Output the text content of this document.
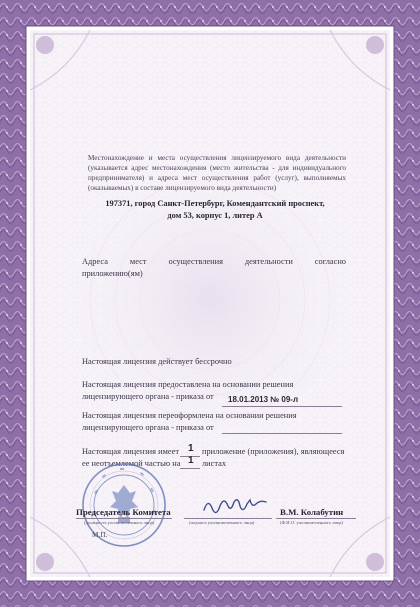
Местонахождение и места осуществления лицензируемого вида деятельности (указывается адрес местонахождения (место жительства - для индивидуального предпринимателя) и адреса мест осуществления работ (услуг), выполняемых (оказываемых) в составе лицензируемого вида деятельности)
197371, город Санкт-Петербург, Комендантский проспект,
дом 53, корпус 1, литер А
Адреса мест осуществления деятельности согласно
приложению(ям)
Настоящая лицензия действует бессрочно
Настоящая лицензия предоставлена на основании решения
лицензирующего органа - приказа от 18.01.2013 № 09-л
Настоящая лицензия переоформлена на основании решения
лицензирующего органа - приказа от
Настоящая лицензия имеет 1 приложение (приложения), являющееся
ее неотъемлемой частью на 1 листах
Председатель Комитета	В.М. Колабутин
(должность уполномоченного лица)	(подпись уполномоченного лица)	(Ф.И.О. уполномоченного лица)
М.П.
